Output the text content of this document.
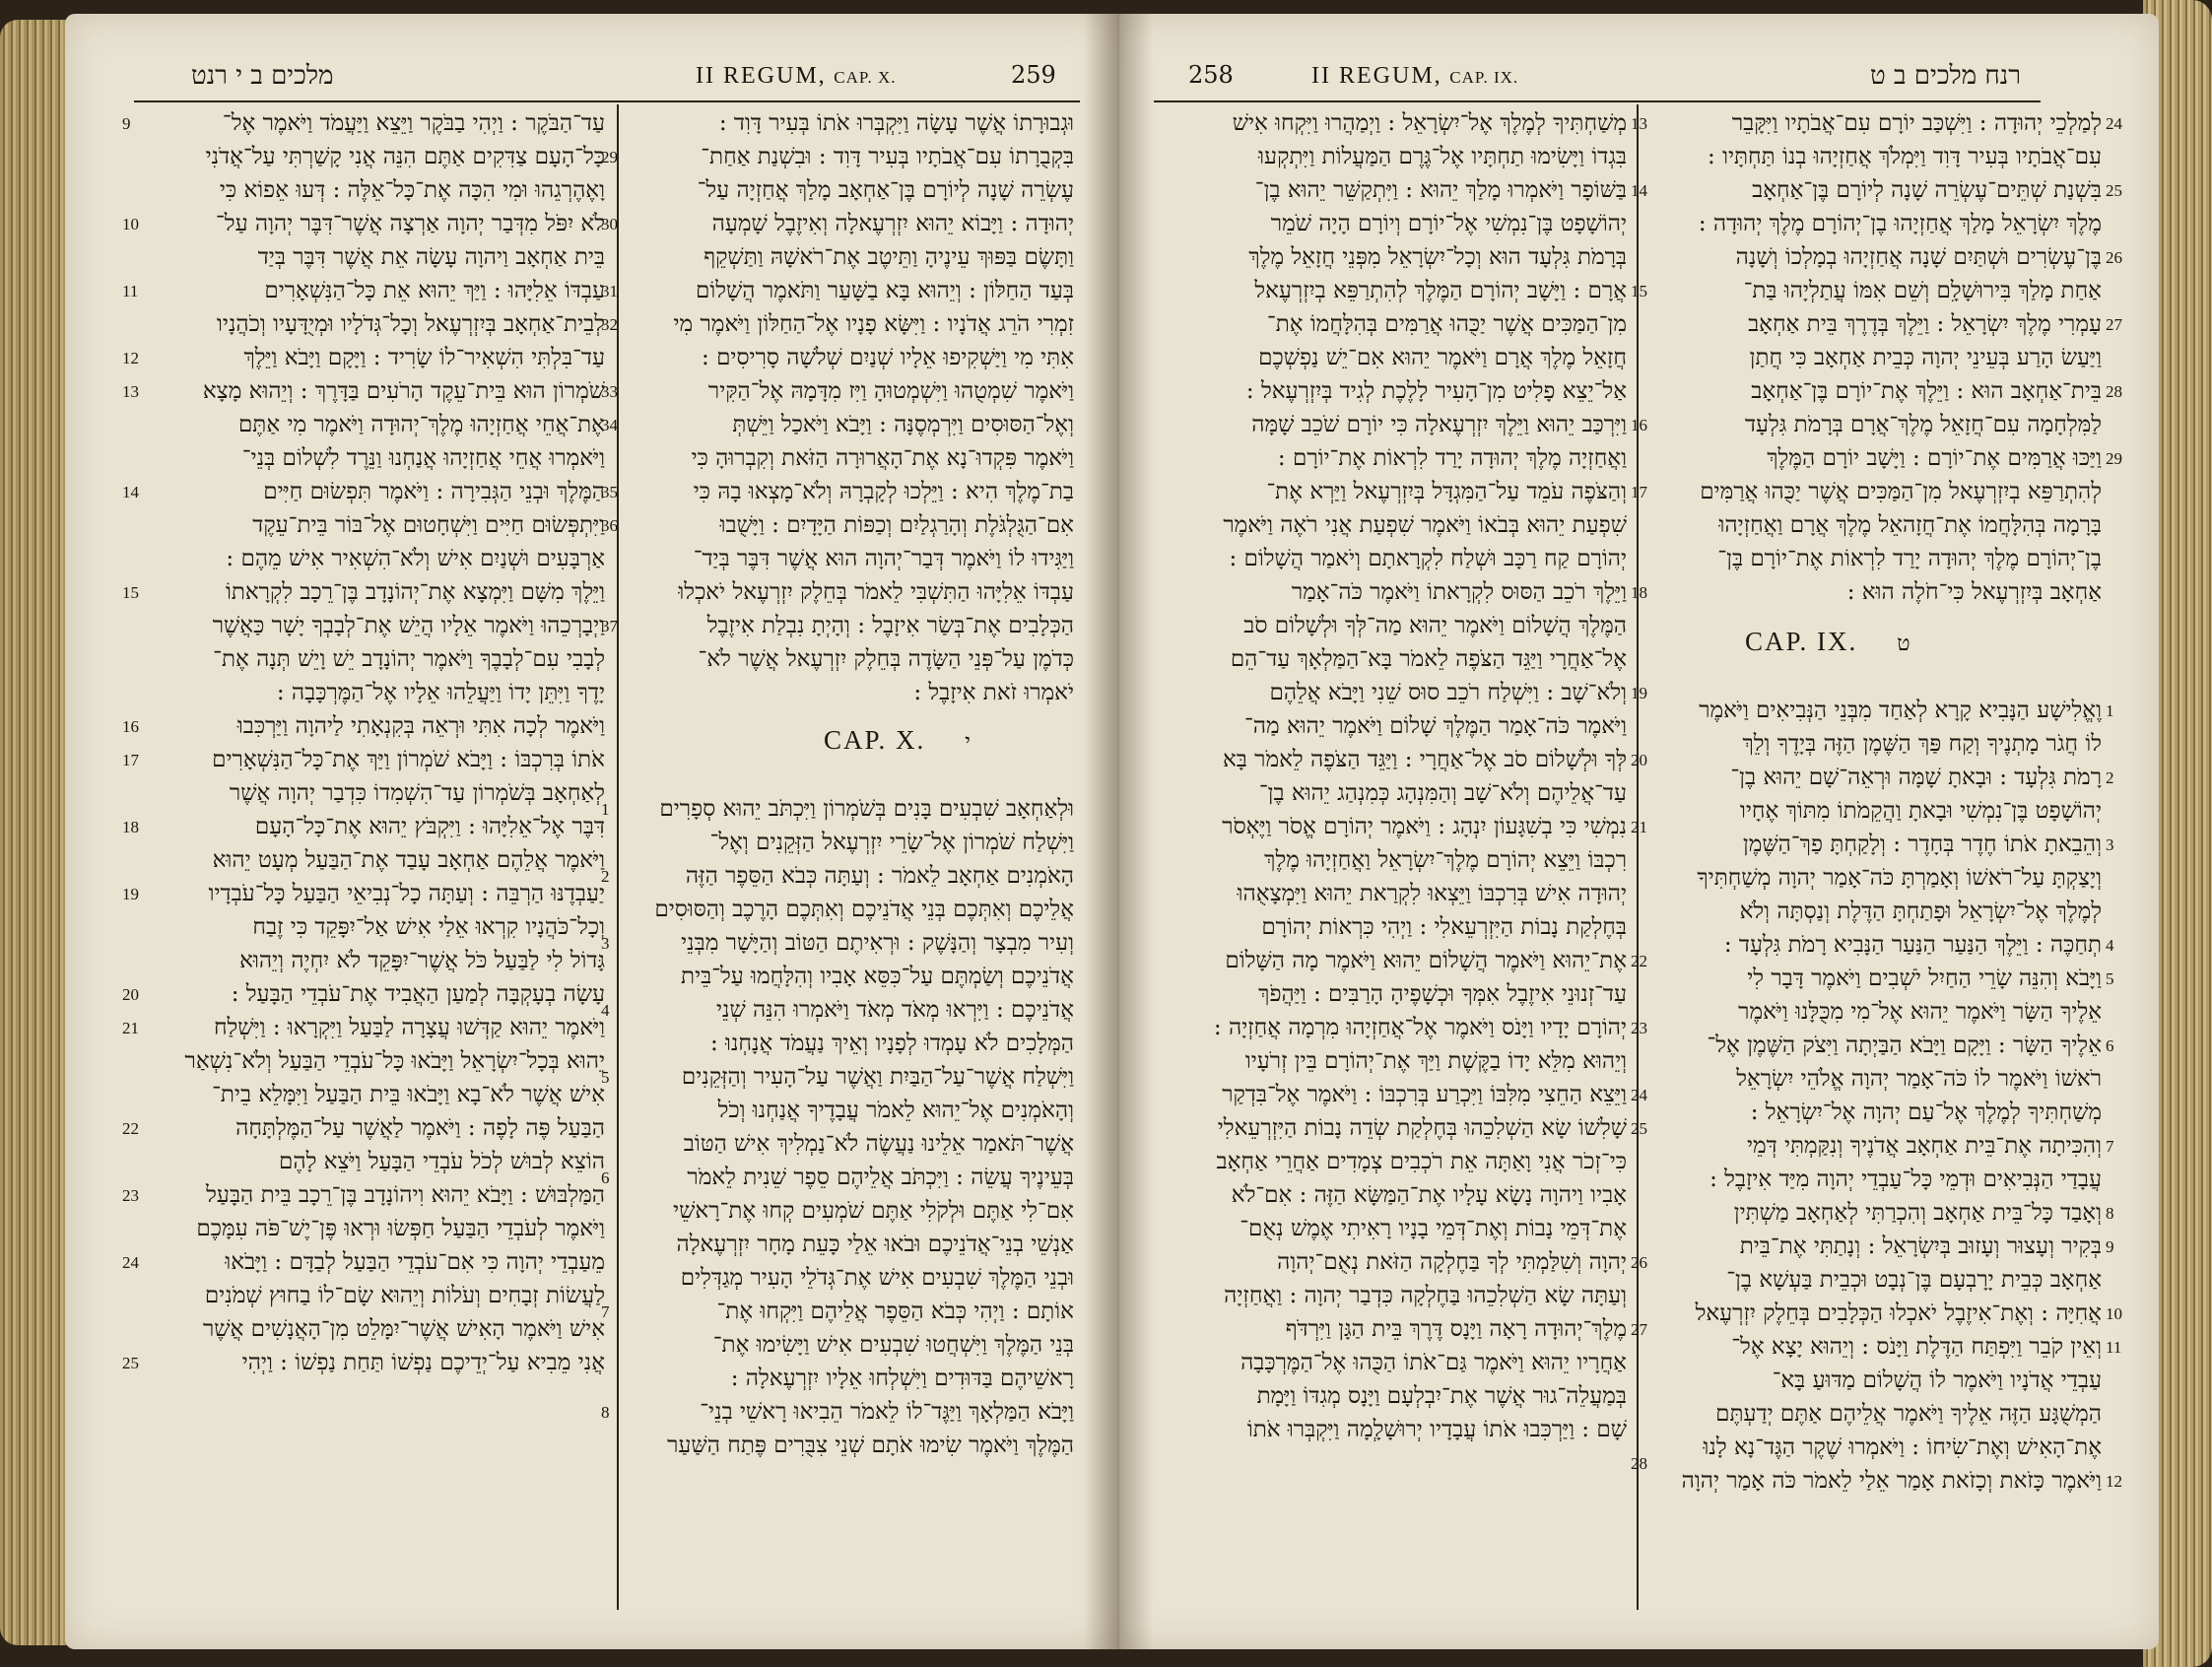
מלכים ב י רנט	II REGUM, CAP. X.	259
עַד־הַבֹּקֶר : וַיְהִי בַבֹּקֶר וַיֵּצֵא וַיַּעֲמֹד וַיֹּאמֶר אֶל־
כָּל־הָעָם צַדִּקִים אַתֶּם הִנֵּה אֲנִי קָשַׁרְתִּי עַל־אֲדֹנִי
וָאֶהֶרְגֵהוּ וּמִי הִכָּה אֶת־כָּל־אֵלֶּה : דְּעוּ אֵפוֹא כִּי
לֹא יִפֹּל מִדְּבַר יְהוָה אַרְצָה אֲשֶׁר־דִּבֶּר יְהוָה עַל־
בֵּית אַחְאָב וַיהוָה עָשָׂה אֵת אֲשֶׁר דִּבֶּר בְּיַד
עַבְדּוֹ אֵלִיָּהוּ : וַיַּךְ יֵהוּא אֵת כָּל־הַנִּשְׁאָרִים
לְבֵית־אַחְאָב בְּיִזְרְעֶאל וְכָל־גְּדֹלָיו וּמְיֻדָּעָיו וְכֹהֲנָיו
עַד־בִּלְתִּי הִשְׁאִיר־לוֹ שָׂרִיד : וַיָּקָם וַיָּבֹא וַיֵּלֶךְ
שֹׁמְרוֹן הוּא בֵּית־עֵקֶד הָרֹעִים בַּדָּרֶךְ : וְיֵהוּא מָצָא
אֶת־אֲחֵי אֲחַזְיָהוּ מֶלֶךְ־יְהוּדָה וַיֹּאמֶר מִי אַתֶּם
וַיֹּאמְרוּ אֲחֵי אֲחַזְיָהוּ אֲנַחְנוּ וַנֵּרֶד לִשְׁלוֹם בְּנֵי־
הַמֶּלֶךְ וּבְנֵי הַגְּבִירָה : וַיֹּאמֶר תִּפְשׂוּם חַיִּים
וַיִּתְפְּשׂוּם חַיִּים וַיִּשְׁחָטוּם אֶל־בּוֹר בֵּית־עֵקֶד
אַרְבָּעִים וּשְׁנַיִם אִישׁ וְלֹא־הִשְׁאִיר אִישׁ מֵהֶם :
וַיֵּלֶךְ מִשָּׁם וַיִּמְצָא אֶת־יְהוֹנָדָב בֶּן־רֵכָב לִקְרָאתוֹ
וַיְבָרְכֵהוּ וַיֹּאמֶר אֵלָיו הֲיֵשׁ אֶת־לְבָבְךָ יָשָׁר כַּאֲשֶׁר
לְבָבִי עִם־לְבָבֶךָ וַיֹּאמֶר יְהוֹנָדָב יֵשׁ וָיֵשׁ תְּנָה אֶת־
יָדֶךָ וַיִּתֵּן יָדוֹ וַיַּעֲלֵהוּ אֵלָיו אֶל־הַמֶּרְכָּבָה :
וַיֹּאמֶר לְכָה אִתִּי וּרְאֵה בְּקִנְאָתִי לַיהוָה וַיַּרְכִּבוּ
אֹתוֹ בְּרִכְבּוֹ : וַיָּבֹא שֹׁמְרוֹן וַיַּךְ אֶת־כָּל־הַנִּשְׁאָרִים
לְאַחְאָב בְּשֹׁמְרוֹן עַד־הִשְׁמִדוֹ כִּדְבַר יְהוָה אֲשֶׁר
דִּבֶּר אֶל־אֵלִיָּהוּ : וַיִּקְבֹּץ יֵהוּא אֶת־כָּל־הָעָם
וַיֹּאמֶר אֲלֵהֶם אַחְאָב עָבַד אֶת־הַבַּעַל מְעָט יֵהוּא
יַעַבְדֶנּוּ הַרְבֵּה : וְעַתָּה כָל־נְבִיאֵי הַבַּעַל כָּל־עֹבְדָיו
וְכָל־כֹּהֲנָיו קִרְאוּ אֵלַי אִישׁ אַל־יִפָּקֵד כִּי זֶבַח
גָּדוֹל לִי לַבַּעַל כֹּל אֲשֶׁר־יִפָּקֵד לֹא יִחְיֶה וְיֵהוּא
עָשָׂה בְעָקְבָּה לְמַעַן הַאֲבִיד אֶת־עֹבְדֵי הַבָּעַל :
וַיֹּאמֶר יֵהוּא קַדְּשׁוּ עֲצָרָה לַבַּעַל וַיִּקְרָאוּ : וַיִּשְׁלַח
יֵהוּא בְּכָל־יִשְׂרָאֵל וַיָּבֹאוּ כָּל־עֹבְדֵי הַבַּעַל וְלֹא־נִשְׁאַר
אִישׁ אֲשֶׁר לֹא־בָא וַיָּבֹאוּ בֵּית הַבַּעַל וַיִּמָּלֵא בֵית־
הַבַּעַל פֶּה לָפֶה : וַיֹּאמֶר לַאֲשֶׁר עַל־הַמֶּלְתָּחָה
הוֹצֵא לְבוּשׁ לְכֹל עֹבְדֵי הַבָּעַל וַיֹּצֵא לָהֶם
הַמַּלְבּוּשׁ : וַיָּבֹא יֵהוּא וִיהוֹנָדָב בֶּן־רֵכָב בֵּית הַבָּעַל
וַיֹּאמֶר לְעֹבְדֵי הַבַּעַל חַפְּשׂוּ וּרְאוּ פֶּן־יֶשׁ־פֹּה עִמָּכֶם
מֵעַבְדֵי יְהוָה כִּי אִם־עֹבְדֵי הַבַּעַל לְבַדָּם : וַיָּבֹאוּ
לַעֲשׂוֹת זְבָחִים וְעֹלוֹת וְיֵהוּא שָׂם־לוֹ בַחוּץ שְׁמֹנִים
אִישׁ וַיֹּאמֶר הָאִישׁ אֲשֶׁר־יִמָּלֵט מִן־הָאֲנָשִׁים אֲשֶׁר
אֲנִי מֵבִיא עַל־יְדֵיכֶם נַפְשׁוֹ תַּחַת נַפְשׁוֹ : וַיְהִי
וּגְבוּרָתוֹ אֲשֶׁר עָשָׂה וַיִּקְבְּרוּ אֹתוֹ בְּעִיר דָּוִד :
בִּקְבֻרָתוֹ עִם־אֲבֹתָיו בְּעִיר דָּוִד : וּבִשְׁנַת אַחַת־
עֶשְׂרֵה שָׁנָה לְיוֹרָם בֶּן־אַחְאָב מָלַךְ אֲחַזְיָה עַל־
יְהוּדָה : וַיָּבוֹא יֵהוּא יִזְרְעֶאלָה וְאִיזֶבֶל שָׁמְעָה
וַתָּשֶׂם בַּפּוּךְ עֵינֶיהָ וַתֵּיטֶב אֶת־רֹאשָׁהּ וַתַּשְׁקֵף
בְּעַד הַחַלּוֹן : וְיֵהוּא בָּא בַשָּׁעַר וַתֹּאמֶר הֲשָׁלוֹם
זִמְרִי הֹרֵג אֲדֹנָיו : וַיִּשָּׂא פָנָיו אֶל־הַחַלּוֹן וַיֹּאמֶר מִי
אִתִּי מִי וַיַּשְׁקִיפוּ אֵלָיו שְׁנַיִם שְׁלֹשָׁה סָרִיסִים :
וַיֹּאמֶר שִׁמְטֻהוּ וַיִּשְׁמְטוּהָ וַיִּז מִדָּמָהּ אֶל־הַקִּיר
וְאֶל־הַסּוּסִים וַיִּרְמְסֶנָּה : וַיָּבֹא וַיֹּאכַל וַיֵּשְׁתְּ
וַיֹּאמֶר פִּקְדוּ־נָא אֶת־הָאֲרוּרָה הַזֹּאת וְקִבְרוּהָ כִּי
בַת־מֶלֶךְ הִיא : וַיֵּלְכוּ לְקָבְרָהּ וְלֹא־מָצְאוּ בָהּ כִּי
אִם־הַגֻּלְגֹּלֶת וְהָרַגְלַיִם וְכַפּוֹת הַיָּדָיִם : וַיָּשֻׁבוּ
וַיַּגִּידוּ לוֹ וַיֹּאמֶר דְּבַר־יְהוָה הוּא אֲשֶׁר דִּבֶּר בְּיַד־
עַבְדּוֹ אֵלִיָּהוּ הַתִּשְׁבִּי לֵאמֹר בְּחֵלֶק יִזְרְעֶאל יֹאכְלוּ
הַכְּלָבִים אֶת־בְּשַׂר אִיזָבֶל : וְהָיְתָ נִבְלַת אִיזֶבֶל
כְּדֹמֶן עַל־פְּנֵי הַשָּׂדֶה בְּחֵלֶק יִזְרְעֶאל אֲשֶׁר לֹא־
יֹאמְרוּ זֹאת אִיזָבֶל :
CAP. X. י
וּלְאַחְאָב שִׁבְעִים בָּנִים בְּשֹׁמְרוֹן וַיִּכְתֹּב יֵהוּא סְפָרִים
וַיִּשְׁלַח שֹׁמְרוֹן אֶל־שָׂרֵי יִזְרְעֶאל הַזְּקֵנִים וְאֶל־
הָאֹמְנִים אַחְאָב לֵאמֹר : וְעַתָּה כְּבֹא הַסֵּפֶר הַזֶּה
אֲלֵיכֶם וְאִתְּכֶם בְּנֵי אֲדֹנֵיכֶם וְאִתְּכֶם הָרֶכֶב וְהַסּוּסִים
וְעִיר מִבְצָר וְהַנָּשֶׁק : וּרְאִיתֶם הַטּוֹב וְהַיָּשָׁר מִבְּנֵי
אֲדֹנֵיכֶם וְשַׂמְתֶּם עַל־כִּסֵּא אָבִיו וְהִלָּחֲמוּ עַל־בֵּית
אֲדֹנֵיכֶם : וַיִּרְאוּ מְאֹד מְאֹד וַיֹּאמְרוּ הִנֵּה שְׁנֵי
הַמְּלָכִים לֹא עָמְדוּ לְפָנָיו וְאֵיךְ נַעֲמֹד אֲנָחְנוּ :
וַיִּשְׁלַח אֲשֶׁר־עַל־הַבַּיִת וַאֲשֶׁר עַל־הָעִיר וְהַזְּקֵנִים
וְהָאֹמְנִים אֶל־יֵהוּא לֵאמֹר עֲבָדֶיךָ אֲנַחְנוּ וְכֹל
אֲשֶׁר־תֹּאמַר אֵלֵינוּ נַעֲשֶׂה לֹא־נַמְלִיךְ אִישׁ הַטּוֹב
בְּעֵינֶיךָ עֲשֵׂה : וַיִּכְתֹּב אֲלֵיהֶם סֵפֶר שֵׁנִית לֵאמֹר
אִם־לִי אַתֶּם וּלְקֹלִי אַתֶּם שֹׁמְעִים קְחוּ אֶת־רָאשֵׁי
אַנְשֵׁי בְנֵי־אֲדֹנֵיכֶם וּבֹאוּ אֵלַי כָּעֵת מָחָר יִזְרְעֶאלָה
וּבְנֵי הַמֶּלֶךְ שִׁבְעִים אִישׁ אֶת־גְּדֹלֵי הָעִיר מְגַדְּלִים
אוֹתָם : וַיְהִי כְּבֹא הַסֵּפֶר אֲלֵיהֶם וַיִּקְחוּ אֶת־
בְּנֵי הַמֶּלֶךְ וַיִּשְׁחֲטוּ שִׁבְעִים אִישׁ וַיָּשִׂימוּ אֶת־
רָאשֵׁיהֶם בַּדּוּדִים וַיִּשְׁלְחוּ אֵלָיו יִזְרְעֶאלָה :
וַיָּבֹא הַמַּלְאָךְ וַיַּגֶּד־לוֹ לֵאמֹר הֵבִיאוּ רָאשֵׁי בְנֵי־
הַמֶּלֶךְ וַיֹּאמֶר שִׂימוּ אֹתָם שְׁנֵי צִבֻּרִים פֶּתַח הַשַּׁעַר
258	II REGUM, CAP. IX.	רנח מלכים ב ט
מְשַׁחְתִּיךָ לְמֶלֶךְ אֶל־יִשְׂרָאֵל : וַיְמַהֲרוּ וַיִּקְחוּ אִישׁ
בִּגְדוֹ וַיָּשִׂימוּ תַחְתָּיו אֶל־גֶּרֶם הַמַּעֲלוֹת וַיִּתְקְעוּ
בַּשּׁוֹפָר וַיֹּאמְרוּ מָלַךְ יֵהוּא : וַיִּתְקַשֵּׁר יֵהוּא בֶן־
יְהוֹשָׁפָט בֶּן־נִמְשִׁי אֶל־יוֹרָם וְיוֹרָם הָיָה שֹׁמֵר
בְּרָמֹת גִּלְעָד הוּא וְכָל־יִשְׂרָאֵל מִפְּנֵי חֲזָאֵל מֶלֶךְ
אֲרָם : וַיָּשָׁב יְהוֹרָם הַמֶּלֶךְ לְהִתְרַפֵּא בְיִזְרְעֶאל
מִן־הַמַּכִּים אֲשֶׁר יַכֻּהוּ אֲרַמִּים בְּהִלָּחֲמוֹ אֶת־
חֲזָאֵל מֶלֶךְ אֲרָם וַיֹּאמֶר יֵהוּא אִם־יֵשׁ נַפְשְׁכֶם
אַל־יֵצֵא פָלִיט מִן־הָעִיר לָלֶכֶת לְגִיד בְּיִזְרְעֶאל :
וַיִּרְכַּב יֵהוּא וַיֵּלֶךְ יִזְרְעֶאלָה כִּי יוֹרָם שֹׁכֵב שָׁמָּה
וַאֲחַזְיָה מֶלֶךְ יְהוּדָה יָרַד לִרְאוֹת אֶת־יוֹרָם :
וְהַצֹּפֶה עֹמֵד עַל־הַמִּגְדָּל בְּיִזְרְעֶאל וַיַּרְא אֶת־
שִׁפְעַת יֵהוּא בְּבֹאוֹ וַיֹּאמֶר שִׁפְעַת אֲנִי רֹאֶה וַיֹּאמֶר
יְהוֹרָם קַח רַכָּב וּשְׁלַח לִקְרָאתָם וְיֹאמַר הֲשָׁלוֹם :
וַיֵּלֶךְ רֹכֵב הַסּוּס לִקְרָאתוֹ וַיֹּאמֶר כֹּה־אָמַר
הַמֶּלֶךְ הֲשָׁלוֹם וַיֹּאמֶר יֵהוּא מַה־לְּךָ וּלְשָׁלוֹם סֹב
אֶל־אַחֲרָי וַיַּגֵּד הַצֹּפֶה לֵאמֹר בָּא־הַמַּלְאָךְ עַד־הֵם
וְלֹא־שָׁב : וַיִּשְׁלַח רֹכֵב סוּס שֵׁנִי וַיָּבֹא אֲלֵהֶם
וַיֹּאמֶר כֹּה־אָמַר הַמֶּלֶךְ שָׁלוֹם וַיֹּאמֶר יֵהוּא מַה־
לְּךָ וּלְשָׁלוֹם סֹב אֶל־אַחֲרָי : וַיַּגֵּד הַצֹּפֶה לֵאמֹר בָּא
עַד־אֲלֵיהֶם וְלֹא־שָׁב וְהַמִּנְהָג כְּמִנְהַג יֵהוּא בֶן־
נִמְשִׁי כִּי בְשִׁגָּעוֹן יִנְהָג : וַיֹּאמֶר יְהוֹרָם אֱסֹר וַיֶּאְסֹר
רִכְבּוֹ וַיֵּצֵא יְהוֹרָם מֶלֶךְ־יִשְׂרָאֵל וַאֲחַזְיָהוּ מֶלֶךְ
יְהוּדָה אִישׁ בְּרִכְבּוֹ וַיֵּצְאוּ לִקְרַאת יֵהוּא וַיִּמְצָאֻהוּ
בְּחֶלְקַת נָבוֹת הַיִּזְרְעֵאלִי : וַיְהִי כִּרְאוֹת יְהוֹרָם
אֶת־יֵהוּא וַיֹּאמֶר הֲשָׁלוֹם יֵהוּא וַיֹּאמֶר מָה הַשָּׁלוֹם
עַד־זְנוּנֵי אִיזֶבֶל אִמְּךָ וּכְשָׁפֶיהָ הָרַבִּים : וַיַּהֲפֹךְ
יְהוֹרָם יָדָיו וַיָּנֹס וַיֹּאמֶר אֶל־אֲחַזְיָהוּ מִרְמָה אֲחַזְיָה :
וְיֵהוּא מִלֵּא יָדוֹ בַקֶּשֶׁת וַיַּךְ אֶת־יְהוֹרָם בֵּין זְרֹעָיו
וַיֵּצֵא הַחֵצִי מִלִּבּוֹ וַיִּכְרַע בְּרִכְבּוֹ : וַיֹּאמֶר אֶל־בִּדְקַר
שָׁלִשׁוֹ שָׂא הַשְׁלִכֵהוּ בְּחֶלְקַת שְׂדֵה נָבוֹת הַיִּזְרְעֵאלִי
כִּי־זְכֹר אֲנִי וָאַתָּה אֵת רֹכְבִים צְמָדִים אַחֲרֵי אַחְאָב
אָבִיו וַיהוָה נָשָׂא עָלָיו אֶת־הַמַּשָּׂא הַזֶּה : אִם־לֹא
אֶת־דְּמֵי נָבוֹת וְאֶת־דְּמֵי בָנָיו רָאִיתִי אֶמֶשׁ נְאֻם־
יְהוָה וְשִׁלַּמְתִּי לְךָ בַּחֶלְקָה הַזֹּאת נְאֻם־יְהוָה
וְעַתָּה שָׂא הַשְׁלִכֵהוּ בַּחֶלְקָה כִּדְבַר יְהוָה : וַאֲחַזְיָה
מֶלֶךְ־יְהוּדָה רָאָה וַיָּנָס דֶּרֶךְ בֵּית הַגָּן וַיִּרְדֹּף
אַחֲרָיו יֵהוּא וַיֹּאמֶר גַּם־אֹתוֹ הַכֻּהוּ אֶל־הַמֶּרְכָּבָה
בְּמַעֲלֵה־גוּר אֲשֶׁר אֶת־יִבְלְעָם וַיָּנָס מְגִדּוֹ וַיָּמָת
שָׁם : וַיַּרְכִּבוּ אֹתוֹ עֲבָדָיו יְרוּשָׁלְָמָה וַיִּקְבְּרוּ אֹתוֹ
לְמַלְכֵי יְהוּדָה : וַיִּשְׁכַּב יוֹרָם עִם־אֲבֹתָיו וַיִּקָּבֵר
עִם־אֲבֹתָיו בְּעִיר דָּוִד וַיִּמְלֹךְ אֲחַזְיָהוּ בְנוֹ תַּחְתָּיו :
בִּשְׁנַת שְׁתֵּים־עֶשְׂרֵה שָׁנָה לְיוֹרָם בֶּן־אַחְאָב
מֶלֶךְ יִשְׂרָאֵל מָלַךְ אֲחַזְיָהוּ בֶן־יְהוֹרָם מֶלֶךְ יְהוּדָה :
בֶּן־עֶשְׂרִים וּשְׁתַּיִם שָׁנָה אֲחַזְיָהוּ בְמָלְכוֹ וְשָׁנָה
אַחַת מָלַךְ בִּירוּשָׁלִָם וְשֵׁם אִמּוֹ עֲתַלְיָהוּ בַּת־
עָמְרִי מֶלֶךְ יִשְׂרָאֵל : וַיֵּלֶךְ בְּדֶרֶךְ בֵּית אַחְאָב
וַיַּעַשׂ הָרַע בְּעֵינֵי יְהוָה כְּבֵית אַחְאָב כִּי חֲתַן
בֵּית־אַחְאָב הוּא : וַיֵּלֶךְ אֶת־יוֹרָם בֶּן־אַחְאָב
לַמִּלְחָמָה עִם־חֲזָאֵל מֶלֶךְ־אֲרָם בְּרָמֹת גִּלְעָד
וַיַּכּוּ אֲרַמִּים אֶת־יוֹרָם : וַיָּשָׁב יוֹרָם הַמֶּלֶךְ
לְהִתְרַפֵּא בְיִזְרְעֶאל מִן־הַמַּכִּים אֲשֶׁר יַכֻּהוּ אֲרַמִּים
בָּרָמָה בְּהִלָּחֲמוֹ אֶת־חֲזָהאֵל מֶלֶךְ אֲרָם וַאֲחַזְיָהוּ
בֶן־יְהוֹרָם מֶלֶךְ יְהוּדָה יָרַד לִרְאוֹת אֶת־יוֹרָם בֶּן־
אַחְאָב בְּיִזְרְעֶאל כִּי־חֹלֶה הוּא :
CAP. IX. ט
וֶאֱלִישָׁע הַנָּבִיא קָרָא לְאַחַד מִבְּנֵי הַנְּבִיאִים וַיֹּאמֶר
לוֹ חֲגֹר מָתְנֶיךָ וְקַח פַּךְ הַשֶּׁמֶן הַזֶּה בְּיָדֶךָ וְלֵךְ
רָמֹת גִּלְעָד : וּבָאתָ שָׁמָּה וּרְאֵה־שָׁם יֵהוּא בֶן־
יְהוֹשָׁפָט בֶּן־נִמְשִׁי וּבָאתָ וַהֲקֵמֹתוֹ מִתּוֹךְ אֶחָיו
וְהֵבֵאתָ אֹתוֹ חֶדֶר בְּחָדֶר : וְלָקַחְתָּ פַךְ־הַשֶּׁמֶן
וְיָצַקְתָּ עַל־רֹאשׁוֹ וְאָמַרְתָּ כֹּה־אָמַר יְהוָה מְשַׁחְתִּיךָ
לְמֶלֶךְ אֶל־יִשְׂרָאֵל וּפָתַחְתָּ הַדֶּלֶת וְנַסְתָּה וְלֹא
תְחַכֶּה : וַיֵּלֶךְ הַנַּעַר הַנַּעַר הַנָּבִיא רָמֹת גִּלְעָד :
וַיָּבֹא וְהִנֵּה שָׂרֵי הַחַיִל יֹשְׁבִים וַיֹּאמֶר דָּבָר לִי
אֵלֶיךָ הַשָּׂר וַיֹּאמֶר יֵהוּא אֶל־מִי מִכֻּלָּנוּ וַיֹּאמֶר
אֵלֶיךָ הַשָּׂר : וַיָּקָם וַיָּבֹא הַבַּיְתָה וַיִּצֹק הַשֶּׁמֶן אֶל־
רֹאשׁוֹ וַיֹּאמֶר לוֹ כֹּה־אָמַר יְהוָה אֱלֹהֵי יִשְׂרָאֵל
מְשַׁחְתִּיךָ לְמֶלֶךְ אֶל־עַם יְהוָה אֶל־יִשְׂרָאֵל :
וְהִכִּיתָה אֶת־בֵּית אַחְאָב אֲדֹנֶיךָ וְנִקַּמְתִּי דְּמֵי
עֲבָדַי הַנְּבִיאִים וּדְמֵי כָּל־עַבְדֵי יְהוָה מִיַּד אִיזָבֶל :
וְאָבַד כָּל־בֵּית אַחְאָב וְהִכְרַתִּי לְאַחְאָב מַשְׁתִּין
בְּקִיר וְעָצוּר וְעָזוּב בְּיִשְׂרָאֵל : וְנָתַתִּי אֶת־בֵּית
אַחְאָב כְּבֵית יָרָבְעָם בֶּן־נְבָט וּכְבֵית בַּעְשָׁא בֶן־
אֲחִיָּה : וְאֶת־אִיזֶבֶל יֹאכְלוּ הַכְּלָבִים בְּחֵלֶק יִזְרְעֶאל
וְאֵין קֹבֵר וַיִּפְתַּח הַדֶּלֶת וַיָּנֹס : וְיֵהוּא יָצָא אֶל־
עַבְדֵי אֲדֹנָיו וַיֹּאמֶר לוֹ הֲשָׁלוֹם מַדּוּעַ בָּא־
הַמְשֻׁגָּע הַזֶּה אֵלֶיךָ וַיֹּאמֶר אֲלֵיהֶם אַתֶּם יְדַעְתֶּם
אֶת־הָאִישׁ וְאֶת־שִׂיחוֹ : וַיֹּאמְרוּ שֶׁקֶר הַגֶּד־נָא לָנוּ
וַיֹּאמֶר כָּזֹאת וְכָזֹאת אָמַר אֵלַי לֵאמֹר כֹּה אָמַר יְהוָה
9
10
11
12
13
14
15
16
17
18
19
20
21
22
23
24
25
29
30
31
32
33
34
35
36
37
1
2
3
4
5
6
7
8
13
14
15
16
17
18
19
20
21
22
23
24
25
26
27
28
24
25
26
27
28
29
1
2
3
4
5
6
7
8
9
10
11
12
